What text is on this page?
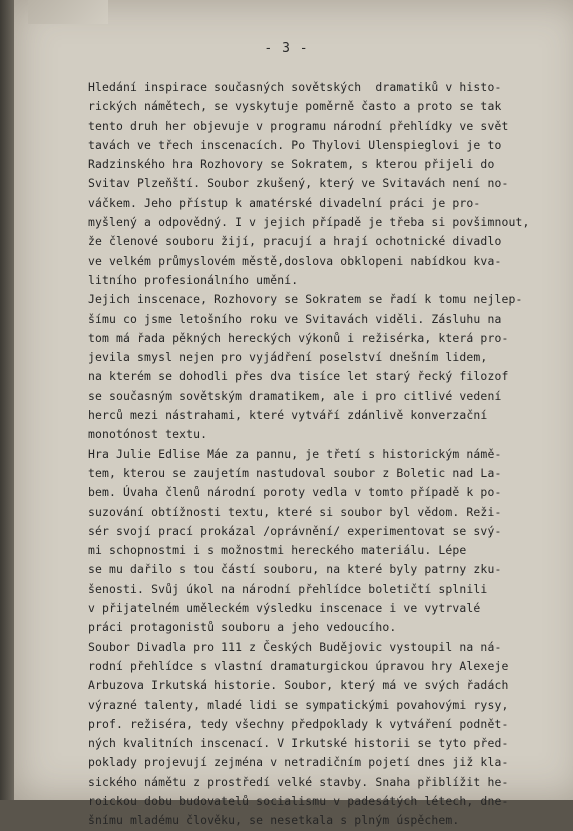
- 3 -
Hledání inspirace současných sovětských  dramatiků v histo-
rických námětech, se vyskytuje poměrně často a proto se tak
tento druh her objevuje v programu národní přehlídky ve svět
tavách ve třech inscenacích. Po Thylovi Ulenspieglovi je to
Radzinského hra Rozhovory se Sokratem, s kterou přijeli do
Svitav Plzeňští. Soubor zkušený, který ve Svitavách není no-
váčkem. Jeho přístup k amatérské divadelní práci je pro-
myšlený a odpovědný. I v jejich případě je třeba si povšimnout,
že členové souboru žijí, pracují a hrají ochotnické divadlo
ve velkém průmyslovém městě,doslova obklopeni nabídkou kva-
litního profesionálního umění.
Jejich inscenace, Rozhovory se Sokratem se řadí k tomu nejlep-
šímu co jsme letošního roku ve Svitavách viděli. Zásluhu na
tom má řada pěkných hereckých výkonů i režisérka, která pro-
jevila smysl nejen pro vyjádření poselství dnešním lidem,
na kterém se dohodli přes dva tisíce let starý řecký filozof
se současným sovětským dramatikem, ale i pro citlivé vedení
herců mezi nástrahami, které vytváří zdánlivě konverzační
monotónost textu.
Hra Julie Edlise Máe za pannu, je třetí s historickým námě-
tem, kterou se zaujetím nastudoval soubor z Boletic nad La-
bem. Úvaha členů národní poroty vedla v tomto případě k po-
suzování obtížnosti textu, které si soubor byl vědom. Reži-
sér svojí prací prokázal /oprávnění/ experimentovat se svý-
mi schopnostmi i s možnostmi hereckého materiálu. Lépe
se mu dařilo s tou částí souboru, na které byly patrny zku-
šenosti. Svůj úkol na národní přehlídce boletičtí splnili
v přijatelném uměleckém výsledku inscenace i ve vytrvalé
práci protagonistů souboru a jeho vedoucího.
Soubor Divadla pro 111 z Českých Budějovic vystoupil na ná-
rodní přehlídce s vlastní dramaturgickou úpravou hry Alexeje
Arbuzova Irkutská historie. Soubor, který má ve svých řadách
výrazné talenty, mladé lidi se sympatickými povahovými rysy,
prof. režiséra, tedy všechny předpoklady k vytváření podnět-
ných kvalitních inscenací. V Irkutské historii se tyto před-
poklady projevují zejména v netradičním pojetí dnes již kla-
sického námětu z prostředí velké stavby. Snaha přiblížit he-
roickou dobu budovatelů socialismu v padesátých létech, dne-
šnímu mladému člověku, se nesetkala s plným úspěchem.
